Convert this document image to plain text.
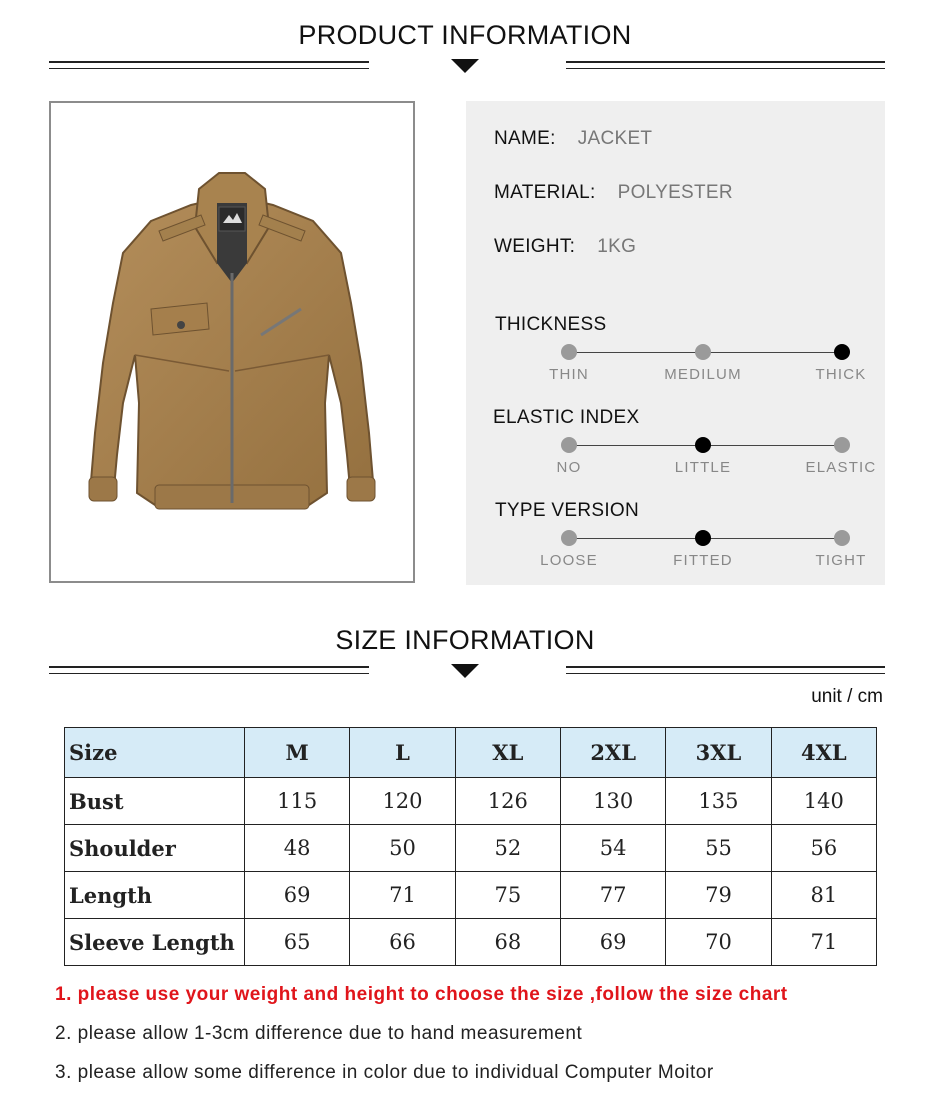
PRODUCT INFORMATION
NAME: JACKET
MATERIAL: POLYESTER
WEIGHT: 1KG
THICKNESS
THIN	MEDILUM	THICK
ELASTIC INDEX
NO	LITTLE	ELASTIC
TYPE VERSION
LOOSE	FITTED	TIGHT
SIZE INFORMATION
unit / cm
Size	M	L	XL	2XL	3XL	4XL
Bust	115	120	126	130	135	140
Shoulder	48	50	52	54	55	56
Length	69	71	75	77	79	81
Sleeve Length	65	66	68	69	70	71
1. please use your weight and height to choose the size ,follow the size chart
2. please allow 1-3cm difference due to hand measurement
3. please allow some difference in color due to individual Computer Moitor
